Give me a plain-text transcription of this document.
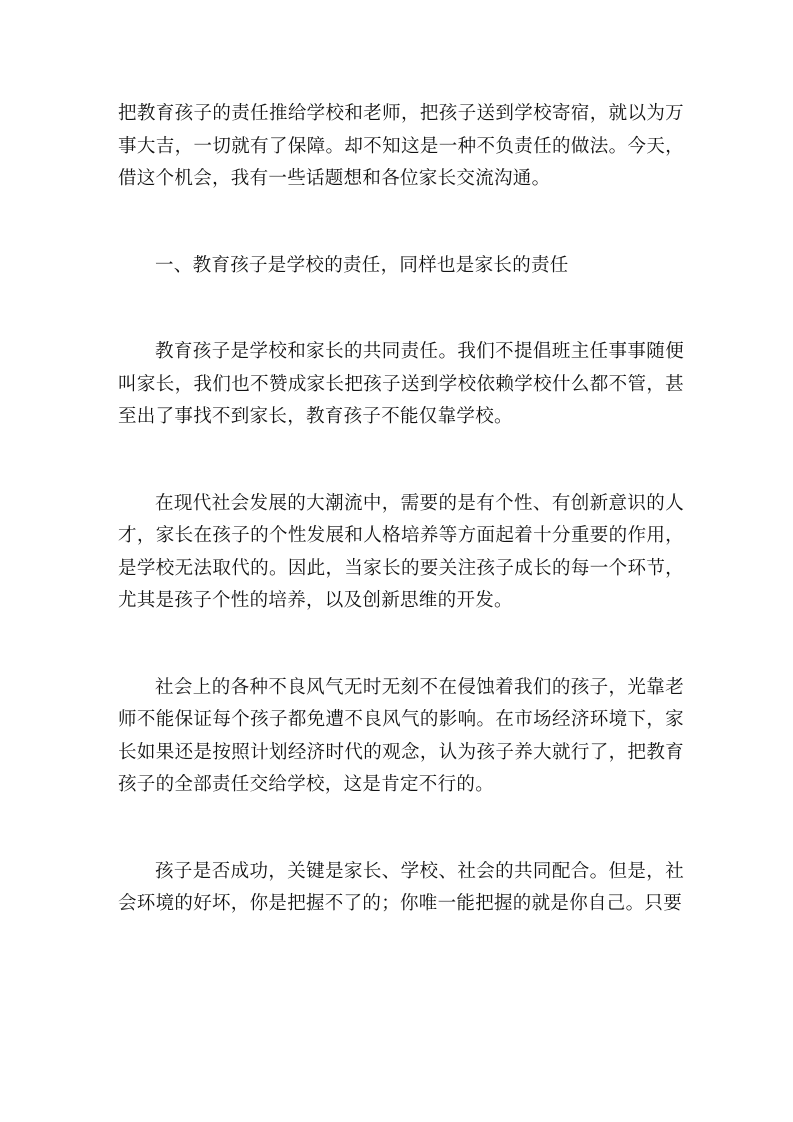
把教育孩子的责任推给学校和老师，把孩子送到学校寄宿，就以为万事大吉，一切就有了保障。却不知这是一种不负责任的做法。今天，借这个机会，我有一些话题想和各位家长交流沟通。

一、教育孩子是学校的责任，同样也是家长的责任

教育孩子是学校和家长的共同责任。我们不提倡班主任事事随便叫家长，我们也不赞成家长把孩子送到学校依赖学校什么都不管，甚至出了事找不到家长，教育孩子不能仅靠学校。

在现代社会发展的大潮流中，需要的是有个性、有创新意识的人才，家长在孩子的个性发展和人格培养等方面起着十分重要的作用，是学校无法取代的。因此，当家长的要关注孩子成长的每一个环节，尤其是孩子个性的培养，以及创新思维的开发。

社会上的各种不良风气无时无刻不在侵蚀着我们的孩子，光靠老师不能保证每个孩子都免遭不良风气的影响。在市场经济环境下，家长如果还是按照计划经济时代的观念，认为孩子养大就行了，把教育孩子的全部责任交给学校，这是肯定不行的。

孩子是否成功，关键是家长、学校、社会的共同配合。但是，社会环境的好坏，你是把握不了的；你唯一能把握的就是你自己。只要
